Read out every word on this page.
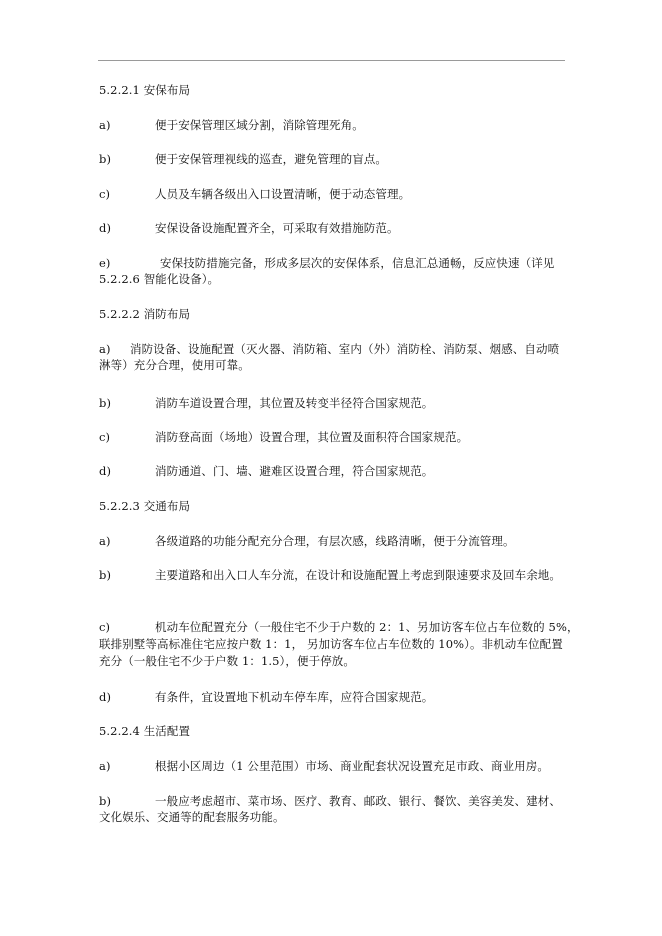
5.2.2.1 安保布局
a)	便于安保管理区域分割，消除管理死角。
b)	便于安保管理视线的巡查，避免管理的盲点。
c)	人员及车辆各级出入口设置清晰，便于动态管理。
d)	安保设备设施配置齐全，可采取有效措施防范。
e)	安保技防措施完备，形成多层次的安保体系，信息汇总通畅，反应快速（详见
5.2.2.6 智能化设备）。
5.2.2.2 消防布局
a) 消防设备、设施配置（灭火器、消防箱、室内（外）消防栓、消防泵、烟感、自动喷
淋等）充分合理，使用可靠。
b)	消防车道设置合理，其位置及转变半径符合国家规范。
c)	消防登高面（场地）设置合理，其位置及面积符合国家规范。
d)	消防通道、门、墙、避难区设置合理，符合国家规范。
5.2.2.3 交通布局
a)	各级道路的功能分配充分合理，有层次感，线路清晰，便于分流管理。
b)	主要道路和出入口人车分流，在设计和设施配置上考虑到限速要求及回车余地。
c)	机动车位配置充分（一般住宅不少于户数的 2：1、另加访客车位占车位数的 5%，
联排别墅等高标准住宅应按户数 1：1， 另加访客车位占车位数的 10%）。非机动车位配置
充分（一般住宅不少于户数 1：1.5），便于停放。
d)	有条件，宜设置地下机动车停车库，应符合国家规范。
5.2.2.4 生活配置
a)	根据小区周边（1 公里范围）市场、商业配套状况设置充足市政、商业用房。
b)	一般应考虑超市、菜市场、医疗、教育、邮政、银行、餐饮、美容美发、建材、
文化娱乐、交通等的配套服务功能。
